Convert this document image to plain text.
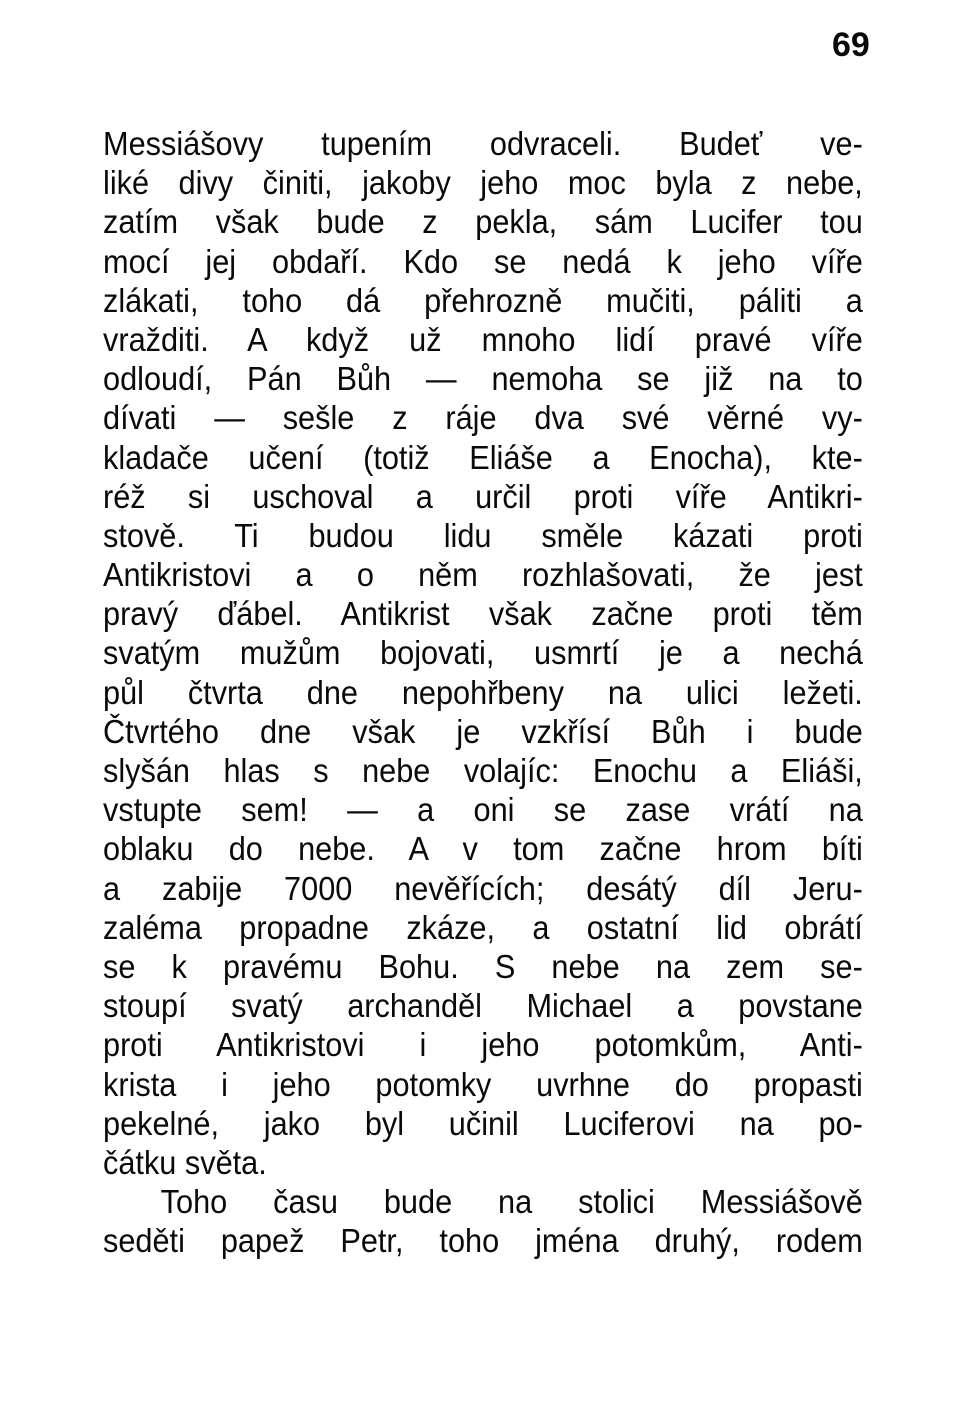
69
Messiášovy tupením odvraceli. Budeť ve-
liké divy činiti, jakoby jeho moc byla z nebe,
zatím však bude z pekla, sám Lucifer tou
mocí jej obdaří. Kdo se nedá k jeho víře
zlákati, toho dá přehrozně mučiti, páliti a
vražditi. A když už mnoho lidí pravé víře
odloudí, Pán Bůh — nemoha se již na to
dívati — sešle z ráje dva své věrné vy-
kladače učení (totiž Eliáše a Enocha), kte-
réž si uschoval a určil proti víře Antikri-
stově. Ti budou lidu směle kázati proti
Antikristovi a o něm rozhlašovati, že jest
pravý ďábel. Antikrist však začne proti těm
svatým mužům bojovati, usmrtí je a nechá
půl čtvrta dne nepohřbeny na ulici ležeti.
Čtvrtého dne však je vzkřísí Bůh i bude
slyšán hlas s nebe volajíc: Enochu a Eliáši,
vstupte sem! — a oni se zase vrátí na
oblaku do nebe. A v tom začne hrom bíti
a zabije 7000 nevěřících; desátý díl Jeru-
zaléma propadne zkáze, a ostatní lid obrátí
se k pravému Bohu. S nebe na zem se-
stoupí svatý archanděl Michael a povstane
proti Antikristovi i jeho potomkům, Anti-
krista i jeho potomky uvrhne do propasti
pekelné, jako byl učinil Luciferovi na po-
čátku světa.
Toho času bude na stolici Messiášově
seděti papež Petr, toho jména druhý, rodem
